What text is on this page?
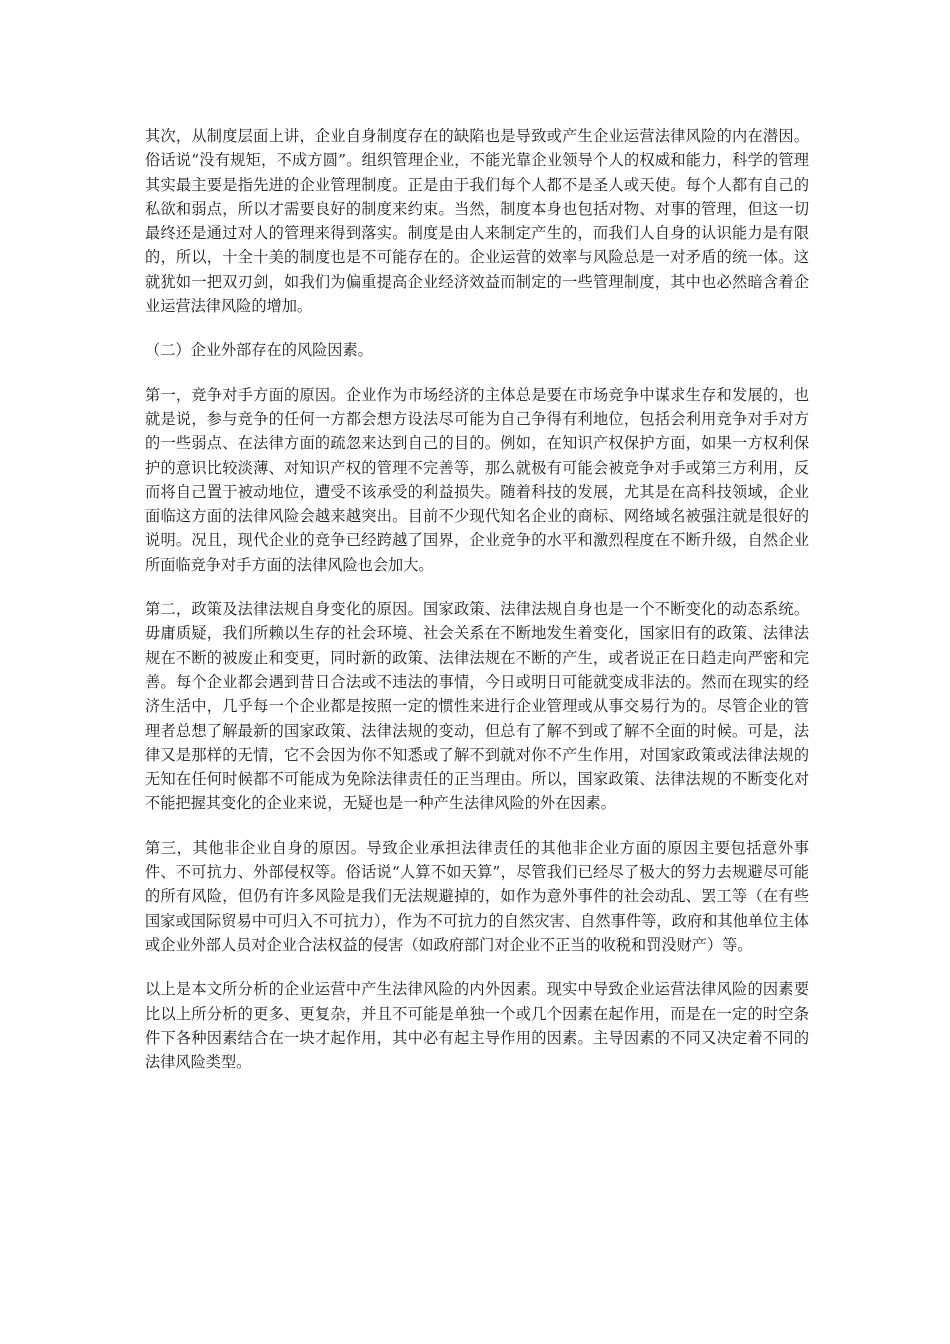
其次，从制度层面上讲，企业自身制度存在的缺陷也是导致或产生企业运营法律风险的内在潜因。俗话说“没有规矩，不成方圆”。组织管理企业，不能光靠企业领导个人的权威和能力，科学的管理其实最主要是指先进的企业管理制度。正是由于我们每个人都不是圣人或天使。每个人都有自己的私欲和弱点，所以才需要良好的制度来约束。当然，制度本身也包括对物、对事的管理，但这一切最终还是通过对人的管理来得到落实。制度是由人来制定产生的，而我们人自身的认识能力是有限的，所以，十全十美的制度也是不可能存在的。企业运营的效率与风险总是一对矛盾的统一体。这就犹如一把双刃剑，如我们为偏重提高企业经济效益而制定的一些管理制度，其中也必然暗含着企业运营法律风险的增加。

（二）企业外部存在的风险因素。

第一，竞争对手方面的原因。企业作为市场经济的主体总是要在市场竞争中谋求生存和发展的，也就是说，参与竞争的任何一方都会想方设法尽可能为自己争得有利地位，包括会利用竞争对手对方的一些弱点、在法律方面的疏忽来达到自己的目的。例如，在知识产权保护方面，如果一方权利保护的意识比较淡薄、对知识产权的管理不完善等，那么就极有可能会被竞争对手或第三方利用，反而将自己置于被动地位，遭受不该承受的利益损失。随着科技的发展，尤其是在高科技领域，企业面临这方面的法律风险会越来越突出。目前不少现代知名企业的商标、网络域名被强注就是很好的说明。况且，现代企业的竞争已经跨越了国界，企业竞争的水平和激烈程度在不断升级，自然企业所面临竞争对手方面的法律风险也会加大。

第二，政策及法律法规自身变化的原因。国家政策、法律法规自身也是一个不断变化的动态系统。毋庸质疑，我们所赖以生存的社会环境、社会关系在不断地发生着变化，国家旧有的政策、法律法规在不断的被废止和变更，同时新的政策、法律法规在不断的产生，或者说正在日趋走向严密和完善。每个企业都会遇到昔日合法或不违法的事情，今日或明日可能就变成非法的。然而在现实的经济生活中，几乎每一个企业都是按照一定的惯性来进行企业管理或从事交易行为的。尽管企业的管理者总想了解最新的国家政策、法律法规的变动，但总有了解不到或了解不全面的时候。可是，法律又是那样的无情，它不会因为你不知悉或了解不到就对你不产生作用，对国家政策或法律法规的无知在任何时候都不可能成为免除法律责任的正当理由。所以，国家政策、法律法规的不断变化对不能把握其变化的企业来说，无疑也是一种产生法律风险的外在因素。

第三，其他非企业自身的原因。导致企业承担法律责任的其他非企业方面的原因主要包括意外事件、不可抗力、外部侵权等。俗话说“人算不如天算”，尽管我们已经尽了极大的努力去规避尽可能的所有风险，但仍有许多风险是我们无法规避掉的，如作为意外事件的社会动乱、罢工等（在有些国家或国际贸易中可归入不可抗力），作为不可抗力的自然灾害、自然事件等，政府和其他单位主体或企业外部人员对企业合法权益的侵害（如政府部门对企业不正当的收税和罚没财产）等。

以上是本文所分析的企业运营中产生法律风险的内外因素。现实中导致企业运营法律风险的因素要比以上所分析的更多、更复杂，并且不可能是单独一个或几个因素在起作用，而是在一定的时空条件下各种因素结合在一块才起作用，其中必有起主导作用的因素。主导因素的不同又决定着不同的法律风险类型。
